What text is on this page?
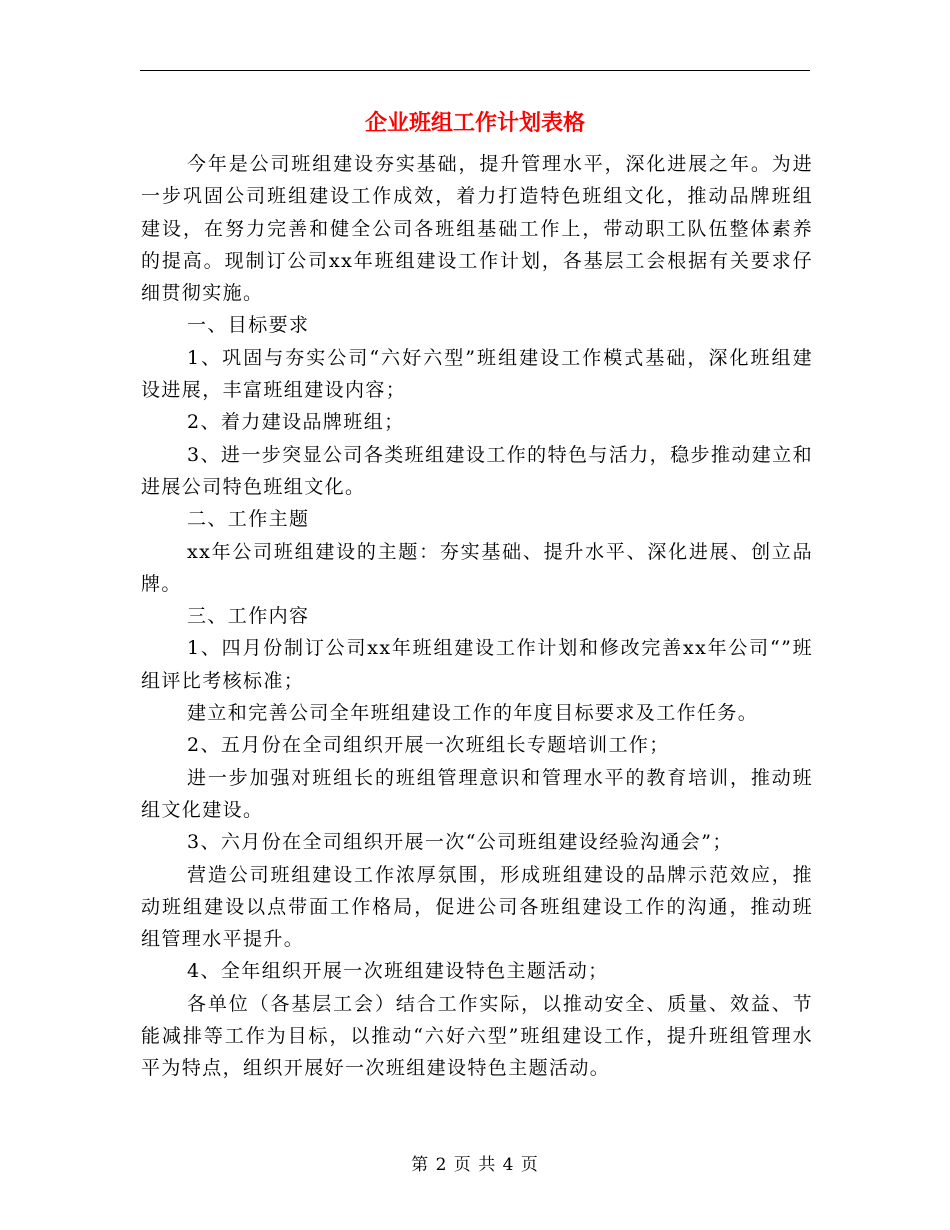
企业班组工作计划表格

今年是公司班组建设夯实基础，提升管理水平，深化进展之年。为进一步巩固公司班组建设工作成效，着力打造特色班组文化，推动品牌班组建设，在努力完善和健全公司各班组基础工作上，带动职工队伍整体素养的提高。现制订公司xx年班组建设工作计划，各基层工会根据有关要求仔细贯彻实施。

一、目标要求

1、巩固与夯实公司“六好六型”班组建设工作模式基础，深化班组建设进展，丰富班组建设内容；

2、着力建设品牌班组；

3、进一步突显公司各类班组建设工作的特色与活力，稳步推动建立和进展公司特色班组文化。

二、工作主题

xx年公司班组建设的主题：夯实基础、提升水平、深化进展、创立品牌。

三、工作内容

1、四月份制订公司xx年班组建设工作计划和修改完善xx年公司“”班组评比考核标准；

建立和完善公司全年班组建设工作的年度目标要求及工作任务。

2、五月份在全司组织开展一次班组长专题培训工作；

进一步加强对班组长的班组管理意识和管理水平的教育培训，推动班组文化建设。

3、六月份在全司组织开展一次“公司班组建设经验沟通会”；

营造公司班组建设工作浓厚氛围，形成班组建设的品牌示范效应，推动班组建设以点带面工作格局，促进公司各班组建设工作的沟通，推动班组管理水平提升。

4、全年组织开展一次班组建设特色主题活动；

各单位（各基层工会）结合工作实际，以推动安全、质量、效益、节能减排等工作为目标，以推动“六好六型”班组建设工作，提升班组管理水平为特点，组织开展好一次班组建设特色主题活动。

第 2 页 共 4 页
